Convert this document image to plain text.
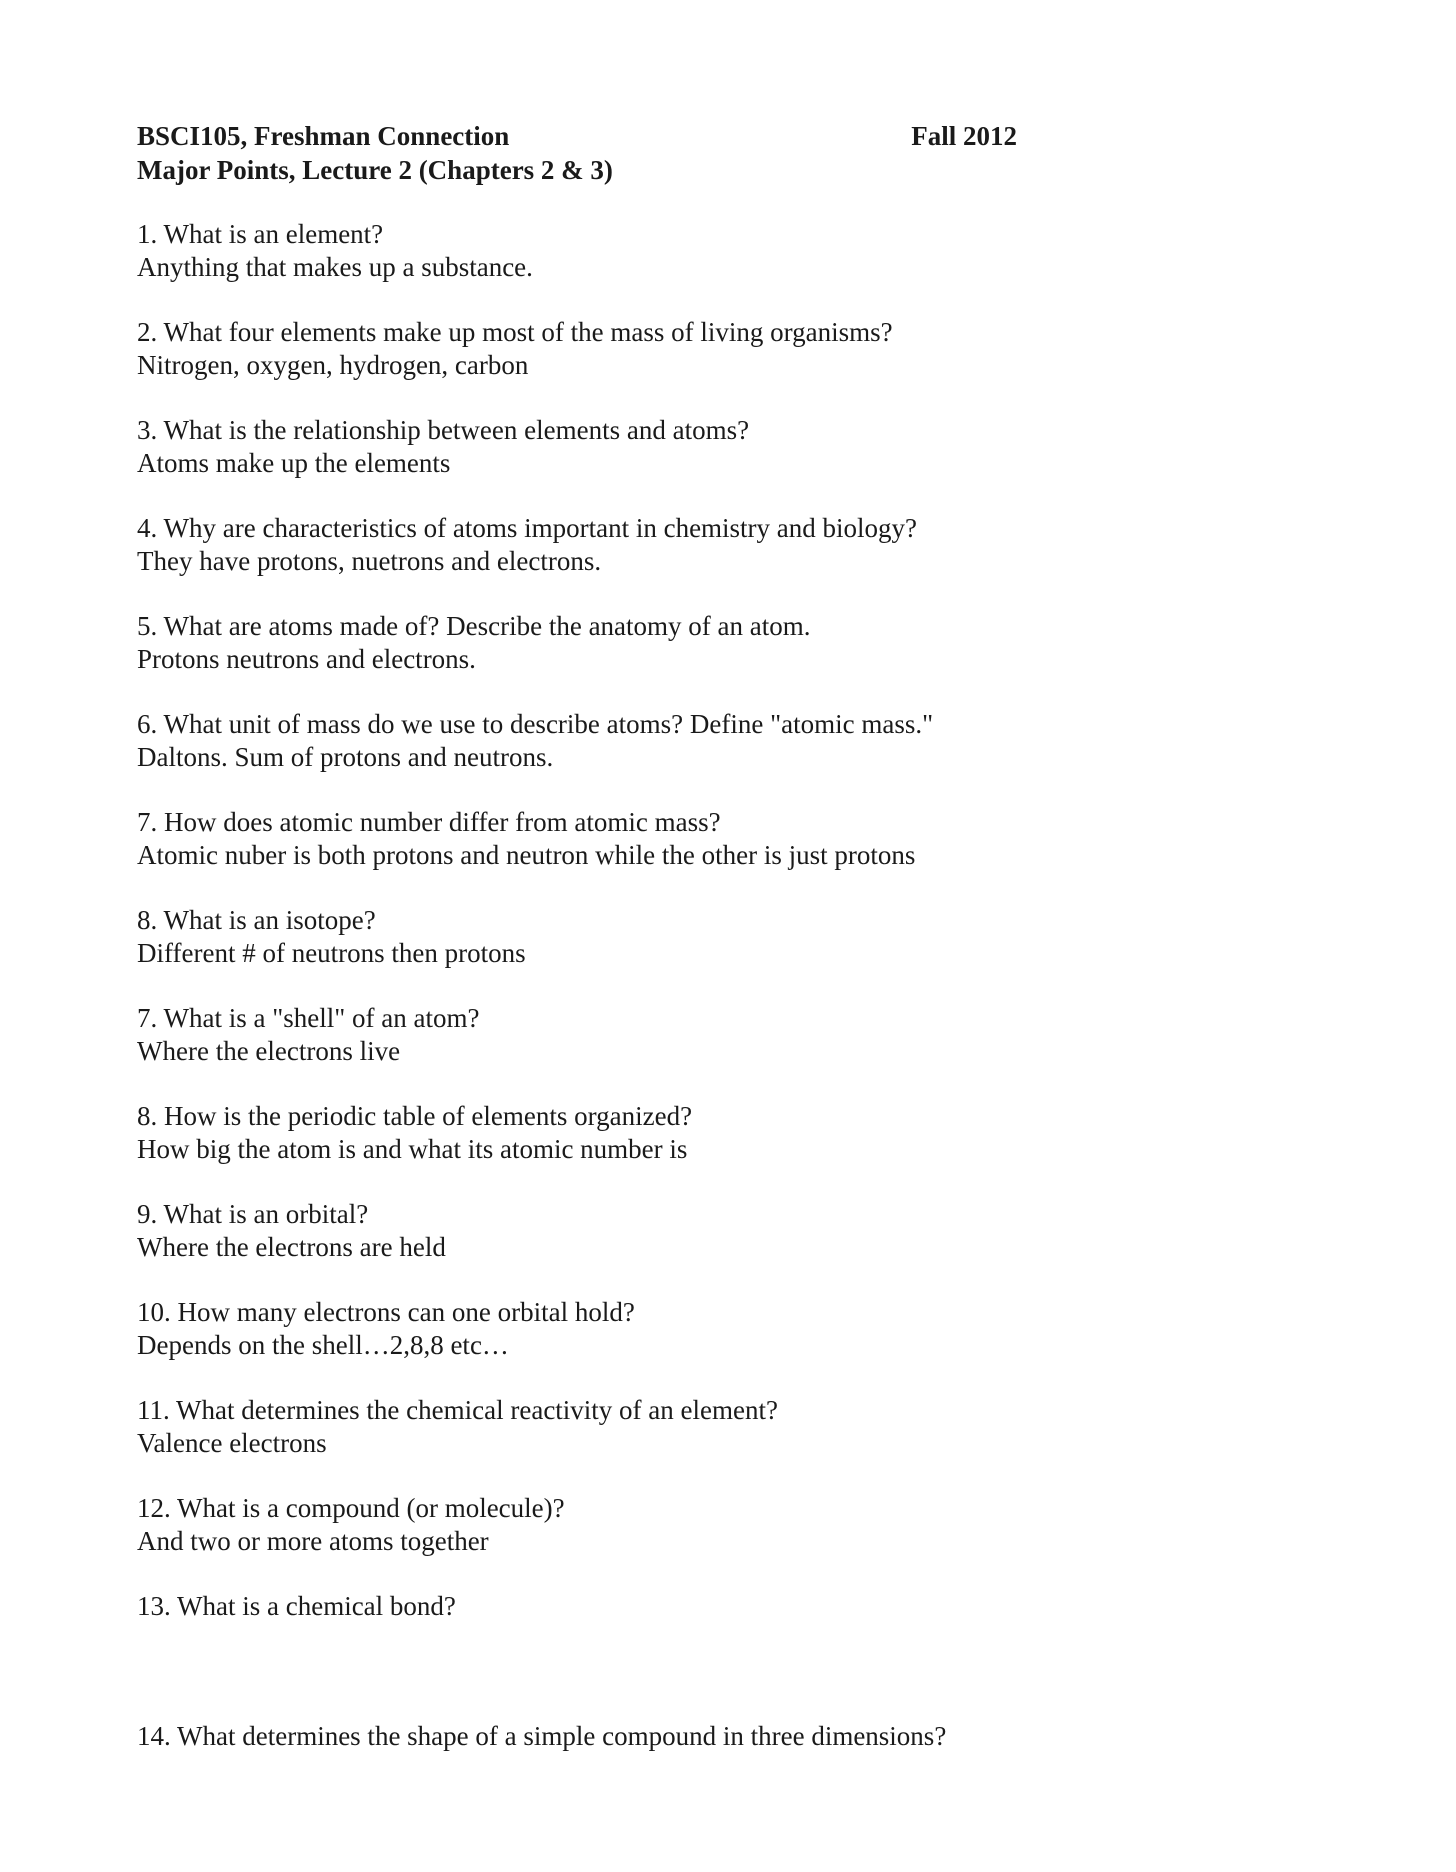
BSCI105, Freshman Connection	Fall 2012
Major Points, Lecture 2 (Chapters 2 & 3)

1. What is an element?

Anything that makes up a substance.

2. What four elements make up most of the mass of living organisms?

Nitrogen, oxygen, hydrogen, carbon

3. What is the relationship between elements and atoms?

Atoms make up the elements

4. Why are characteristics of atoms important in chemistry and biology?

They have protons, nuetrons and electrons.

5. What are atoms made of? Describe the anatomy of an atom.

Protons neutrons and electrons.

6. What unit of mass do we use to describe atoms? Define "atomic mass."

Daltons. Sum of protons and neutrons.

7. How does atomic number differ from atomic mass?

Atomic nuber is both protons and neutron while the other is just protons

8. What is an isotope?

Different # of neutrons then protons

7. What is a "shell" of an atom?

Where the electrons live

8. How is the periodic table of elements organized?

How big the atom is and what its atomic number is

9. What is an orbital?

Where the electrons are held

10. How many electrons can one orbital hold?

Depends on the shell…2,8,8 etc…

11. What determines the chemical reactivity of an element?

Valence electrons

12. What is a compound (or molecule)?

And two or more atoms together

13. What is a chemical bond?

14. What determines the shape of a simple compound in three dimensions?
